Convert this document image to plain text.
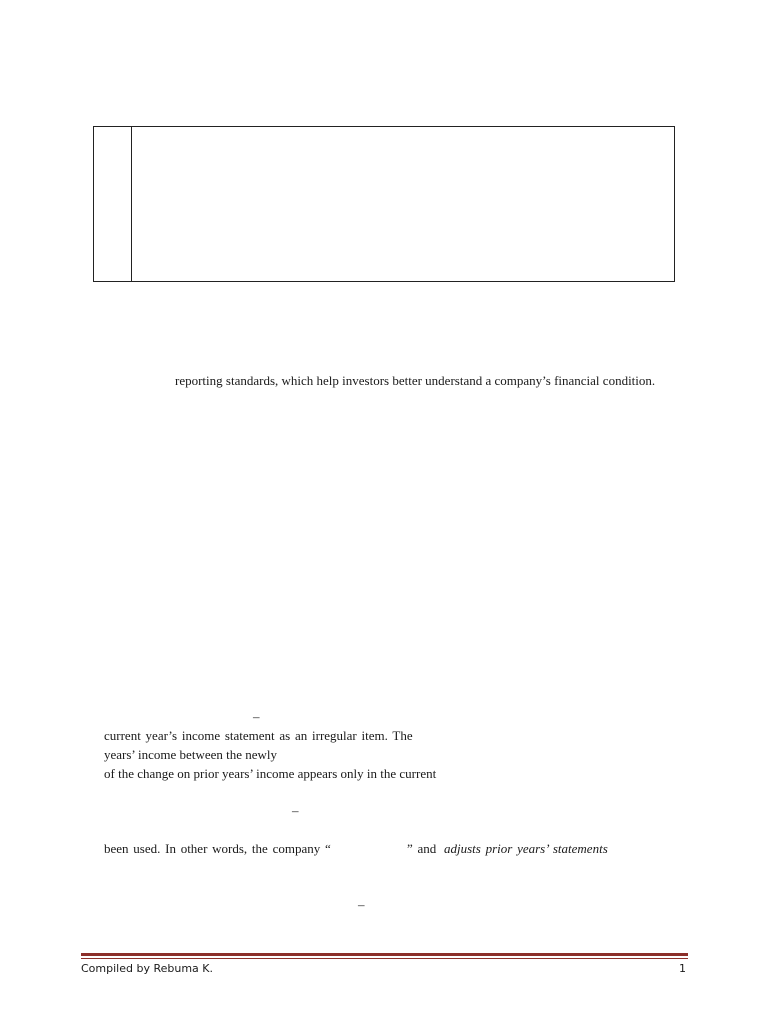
reporting standards, which help investors better understand a company’s financial condition.
–
current year’s income statement as an irregular item. The
years’ income between the newly
of the change on prior years’ income appears only in the current
–
been used. In other words, the company “	” and adjusts prior years’ statements
–
Compiled by Rebuma K.	1
